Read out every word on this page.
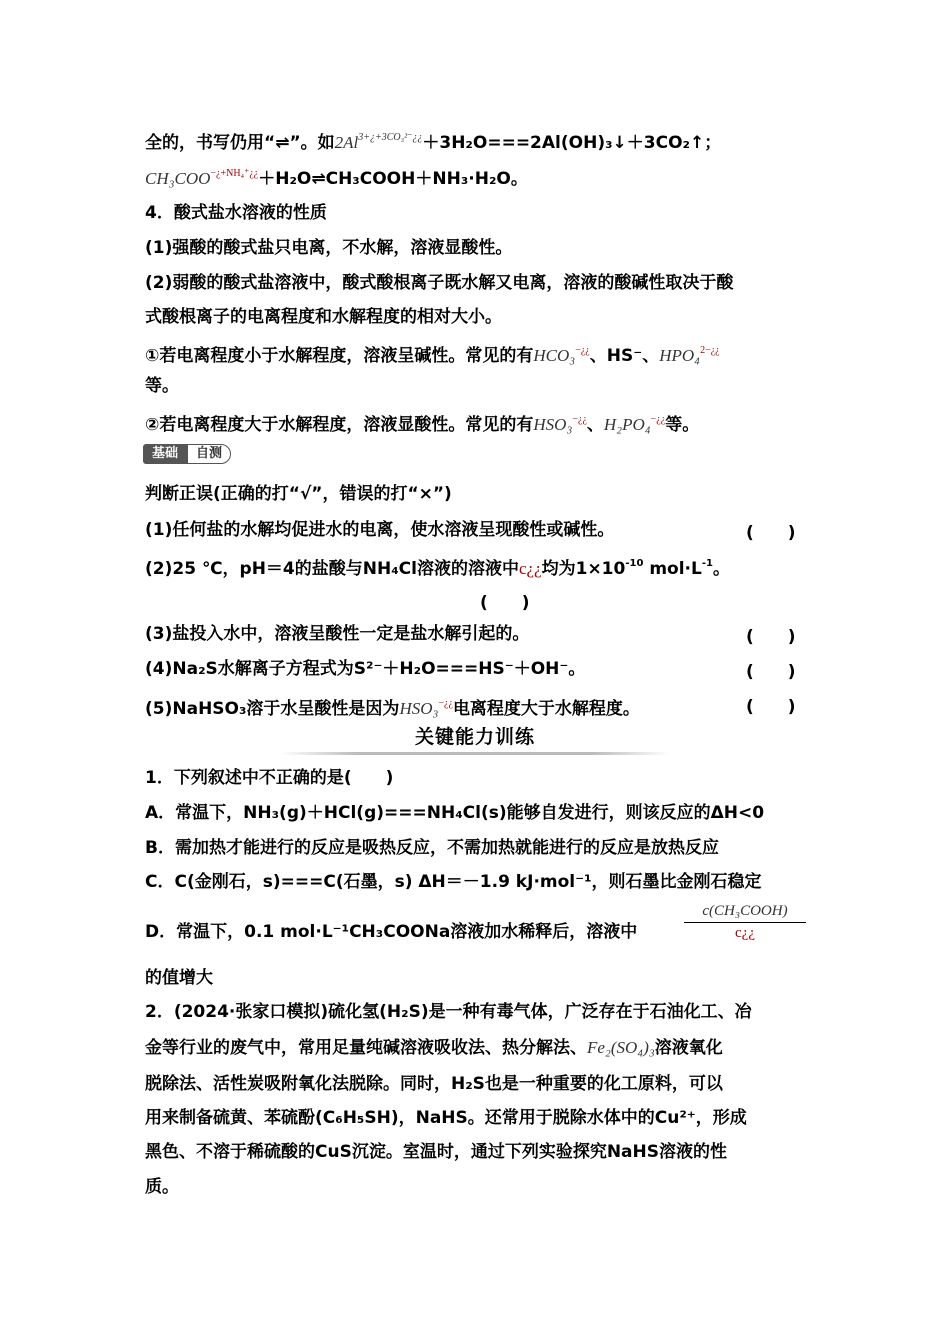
全的，书写仍用“⇌”。如$2Al^{3+¿+3CO_3^{2-}¿¿}+3H_2O===2Al(OH)_3↓+3CO_2↑$；
$CH_3COO^{-¿+NH_4^+¿¿}+H_2O\rightleftharpoons CH_3COOH+NH_3\cdot H_2O$。
4．酸式盐水溶液的性质
(1)强酸的酸式盐只电离，不水解，溶液显酸性。
(2)弱酸的酸式盐溶液中，酸式酸根离子既水解又电离，溶液的酸碱性取决于酸
式酸根离子的电离程度和水解程度的相对大小。
①若电离程度小于水解程度，溶液呈碱性。常见的有HCO₃−¿¿、HS⁻、HPO₄$^{2-¿¿}$
等。
②若电离程度大于水解程度，溶液显酸性。常见的有HSO₃−¿¿、H₂PO₄−¿¿等。
基础	自测
判断正误(正确的打“√”，错误的打“×”)
(1)任何盐的水解均促进水的电离，使水溶液呈现酸性或碱性。	(　　)
(2)25 ℃，pH＝4的盐酸与NH₄Cl溶液的溶液中c¿¿均为$1\times 10^{-10}$ $mol\cdot L^{-1}$。
(　　)
(3)盐投入水中，溶液呈酸性一定是盐水解引起的。	(　　)
(4)Na₂S水解离子方程式为S²⁻＋H₂O===HS⁻＋OH⁻。	(　　)
(5)NaHSO₃溶于水呈酸性是因为HSO₃−¿¿电离程度大于水解程度。	(　　)
关键能力训练
1．下列叙述中不正确的是(　　)
A．常温下，NH₃(g)＋HCl(g)===NH₄Cl(s)能够自发进行，则该反应的ΔH<0
B．需加热才能进行的反应是吸热反应，不需加热就能进行的反应是放热反应
C．C(金刚石，s)===C(石墨，s) ΔH＝－1.9 kJ·mol⁻¹，则石墨比金刚石稳定
D．常温下，0.1 mol·L⁻¹CH₃COONa溶液加水稀释后，溶液中
c(CH₃COOH)
c¿¿
的值增大
2．(2024·张家口模拟)硫化氢(H₂S)是一种有毒气体，广泛存在于石油化工、冶
金等行业的废气中，常用足量纯碱溶液吸收法、热分解法、Fe₂(SO₄)₃溶液氧化
脱除法、活性炭吸附氧化法脱除。同时，H₂S也是一种重要的化工原料，可以
用来制备硫黄、苯硫酚(C₆H₅SH)，NaHS。还常用于脱除水体中的Cu²⁺，形成
黑色、不溶于稀硫酸的CuS沉淀。室温时，通过下列实验探究NaHS溶液的性
质。
